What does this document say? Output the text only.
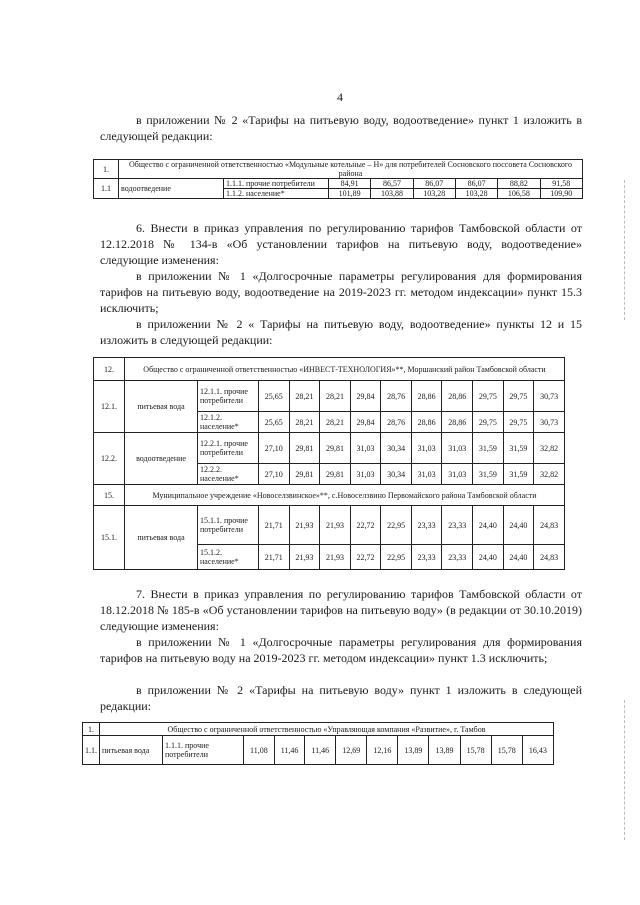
4

в приложении № 2 «Тарифы на питьевую воду, водоотведение» пункт 1 изложить в следующей редакции:

1.	Общество с ограниченной ответственностью «Модульные котельные – Н» для потребителей Сосновского поссовета Сосновского района							
1.1	водоотведение	1.1.1. прочие потребители	84,91	86,57	86,07	86,07	88,82	91,58
		1.1.2. население*	101,89	103,88	103,28	103,28	106,58	109,90

6. Внести в приказ управления по регулированию тарифов Тамбовской области от 12.12.2018 № 134-в «Об установлении тарифов на питьевую воду, водоотведение» следующие изменения:

в приложении № 1 «Долгосрочные параметры регулирования для формирования тарифов на питьевую воду, водоотведение на 2019-2023 гг. методом индексации» пункт 15.3 исключить;

в приложении № 2 « Тарифы на питьевую воду, водоотведение» пункты 12 и 15 изложить в следующей редакции:

12.	Общество с ограниченной ответственностью «ИНВЕСТ-ТЕХНОЛОГИЯ»**, Моршанский район Тамбовской области											
12.1.	питьевая вода	12.1.1. прочие потребители	25,65	28,21	28,21	29,84	28,76	28,86	28,86	29,75	29,75	30,73
		12.1.2. население*	25,65	28,21	28,21	29,84	28,76	28,86	28,86	29,75	29,75	30,73
12.2.	водоотведение	12.2.1. прочие потребители	27,10	29,81	29,81	31,03	30,34	31,03	31,03	31,59	31,59	32,82
		12.2.2. население*	27,10	29,81	29,81	31,03	30,34	31,03	31,03	31,59	31,59	32,82
15.	Муниципальное учреждение «Новоселзвинское»**, с.Новоселзвино Первомайского района Тамбовской области											
15.1.	питьевая вода	15.1.1. прочие потребители	21,71	21,93	21,93	22,72	22,95	23,33	23,33	24,40	24,40	24,83
		15.1.2. население*	21,71	21,93	21,93	22,72	22,95	23,33	23,33	24,40	24,40	24,83

7. Внести в приказ управления по регулированию тарифов Тамбовской области от 18.12.2018 № 185-в «Об установлении тарифов на питьевую воду» (в редакции от 30.10.2019) следующие изменения:

в приложении № 1 «Долгосрочные параметры регулирования для формирования тарифов на питьевую воду на 2019-2023 гг. методом индексации» пункт 1.3 исключить;

в приложении № 2 «Тарифы на питьевую воду» пункт 1 изложить в следующей редакции:

1.	Общество с ограниченной ответственностью «Управляющая компания «Развитие», г. Тамбов											
1.1.	питьевая вода	1.1.1. прочие потребители	11,08	11,46	11,46	12,69	12,16	13,89	13,89	15,78	15,78	16,43
